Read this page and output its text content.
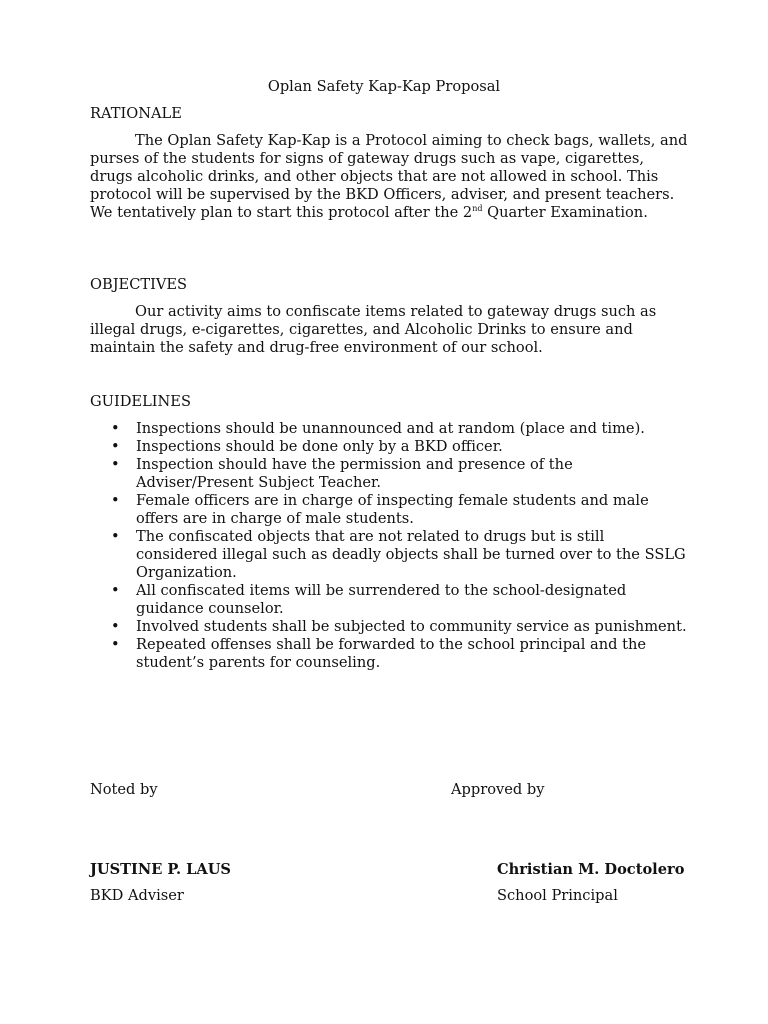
Oplan Safety Kap-Kap Proposal

RATIONALE

The Oplan Safety Kap-Kap is a Protocol aiming to check bags, wallets, and purses of the students for signs of gateway drugs such as vape, cigarettes, drugs alcoholic drinks, and other objects that are not allowed in school. This protocol will be supervised by the BKD Officers, adviser, and present teachers. We tentatively plan to start this protocol after the 2nd Quarter Examination.

OBJECTIVES

Our activity aims to confiscate items related to gateway drugs such as illegal drugs, e-cigarettes, cigarettes, and Alcoholic Drinks to ensure and maintain the safety and drug-free environment of our school.

GUIDELINES

• Inspections should be unannounced and at random (place and time).
• Inspections should be done only by a BKD officer.
• Inspection should have the permission and presence of the Adviser/Present Subject Teacher.
• Female officers are in charge of inspecting female students and male offers are in charge of male students.
• The confiscated objects that are not related to drugs but is still considered illegal such as deadly objects shall be turned over to the SSLG Organization.
• All confiscated items will be surrendered to the school-designated guidance counselor.
• Involved students shall be subjected to community service as punishment.
• Repeated offenses shall be forwarded to the school principal and the student’s parents for counseling.

Noted by	Approved by

JUSTINE P. LAUS	Christian M. Doctolero

BKD Adviser	School Principal
